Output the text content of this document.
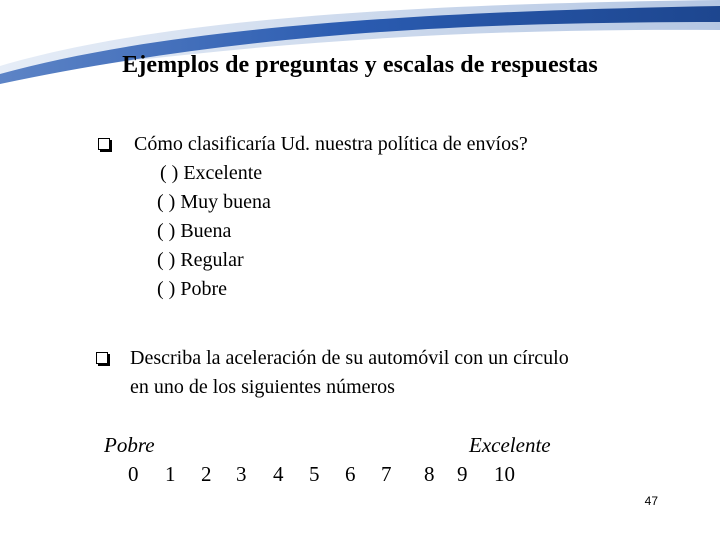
Ejemplos de preguntas y escalas de respuestas
Cómo clasificaría Ud. nuestra política de envíos?
( ) Excelente
( ) Muy buena
( ) Buena
( ) Regular
( ) Pobre
Describa la aceleración de su automóvil con un círculo
en uno de los siguientes números
Pobre	Excelente
0 1 2 3 4 5 6 7 8 9 10
47
